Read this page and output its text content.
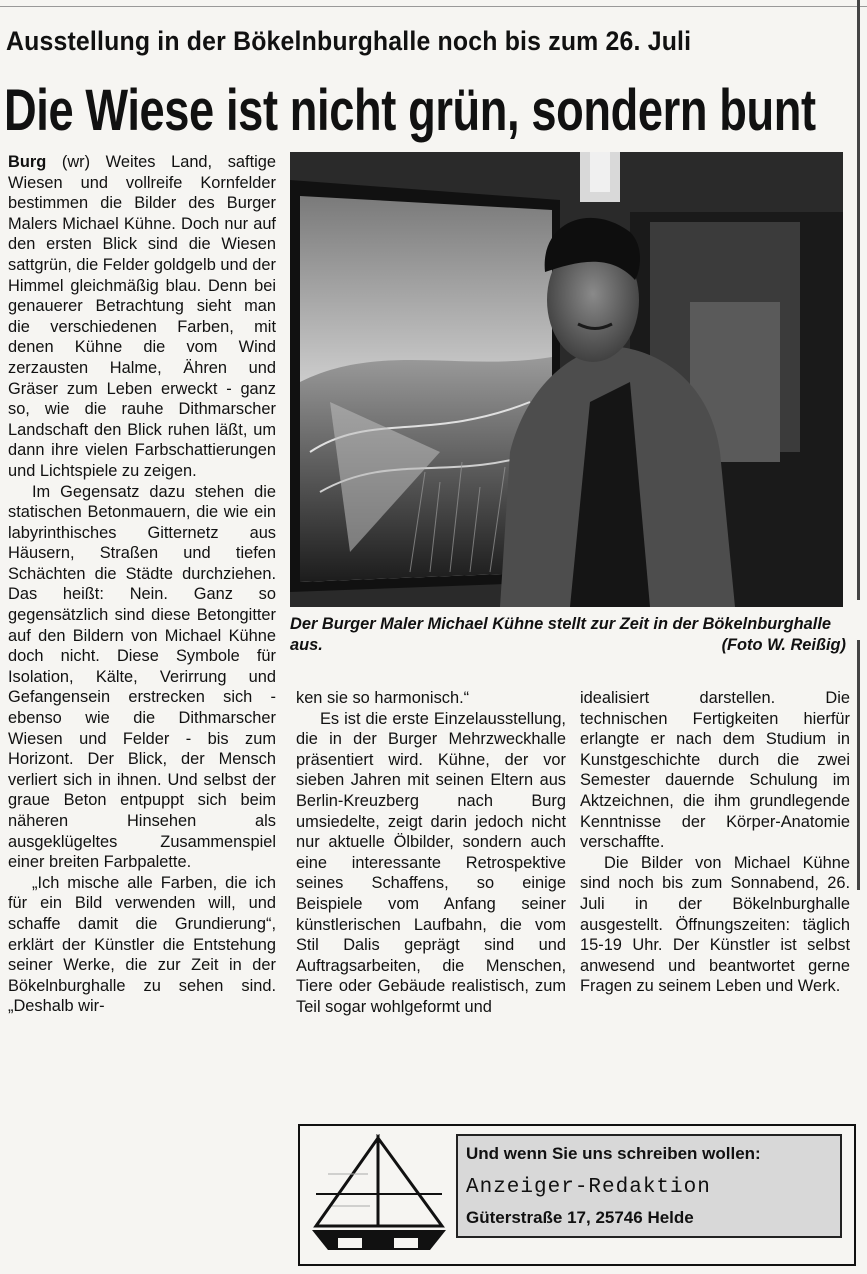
Ausstellung in der Bökelnburghalle noch bis zum 26. Juli
Die Wiese ist nicht grün, sondern bunt

Burg (wr) Weites Land, saftige Wiesen und vollreife Kornfelder bestimmen die Bilder des Burger Malers Michael Kühne. Doch nur auf den ersten Blick sind die Wiesen sattgrün, die Felder goldgelb und der Himmel gleichmäßig blau. Denn bei genauerer Betrachtung sieht man die verschiedenen Farben, mit denen Kühne die vom Wind zerzausten Halme, Ähren und Gräser zum Leben erweckt - ganz so, wie die rauhe Dithmarscher Landschaft den Blick ruhen läßt, um dann ihre vielen Farbschattierungen und Lichtspiele zu zeigen.

Im Gegensatz dazu stehen die statischen Betonmauern, die wie ein labyrinthisches Gitternetz aus Häusern, Straßen und tiefen Schächten die Städte durchziehen. Das heißt: Nein. Ganz so gegensätzlich sind diese Betongitter auf den Bildern von Michael Kühne doch nicht. Diese Symbole für Isolation, Kälte, Verirrung und Gefangensein erstrecken sich - ebenso wie die Dithmarscher Wiesen und Felder - bis zum Horizont. Der Blick, der Mensch verliert sich in ihnen. Und selbst der graue Beton entpuppt sich beim näheren Hinsehen als ausgeklügeltes Zusammenspiel einer breiten Farbpalette.

„Ich mische alle Farben, die ich für ein Bild verwenden will, und schaffe damit die Grundierung“, erklärt der Künstler die Entstehung seiner Werke, die zur Zeit in der Bökelnburghalle zu sehen sind. „Deshalb wir-

Der Burger Maler Michael Kühne stellt zur Zeit in der Bökelnburghalle aus.	(Foto W. Reißig)

ken sie so harmonisch.“

Es ist die erste Einzelausstellung, die in der Burger Mehrzweckhalle präsentiert wird. Kühne, der vor sieben Jahren mit seinen Eltern aus Berlin-Kreuzberg nach Burg umsiedelte, zeigt darin jedoch nicht nur aktuelle Ölbilder, sondern auch eine interessante Retrospektive seines Schaffens, so einige Beispiele vom Anfang seiner künstlerischen Laufbahn, die vom Stil Dalis geprägt sind und Auftragsarbeiten, die Menschen, Tiere oder Gebäude realistisch, zum Teil sogar wohlgeformt und

idealisiert darstellen. Die technischen Fertigkeiten hierfür erlangte er nach dem Studium in Kunstgeschichte durch die zwei Semester dauernde Schulung im Aktzeichnen, die ihm grundlegende Kenntnisse der Körper-Anatomie verschaffte.

Die Bilder von Michael Kühne sind noch bis zum Sonnabend, 26. Juli in der Bökelnburghalle ausgestellt. Öffnungszeiten: täglich 15-19 Uhr. Der Künstler ist selbst anwesend und beantwortet gerne Fragen zu seinem Leben und Werk.

Und wenn Sie uns schreiben wollen:
Anzeiger-Redaktion
Güterstraße 17, 25746 Helde
